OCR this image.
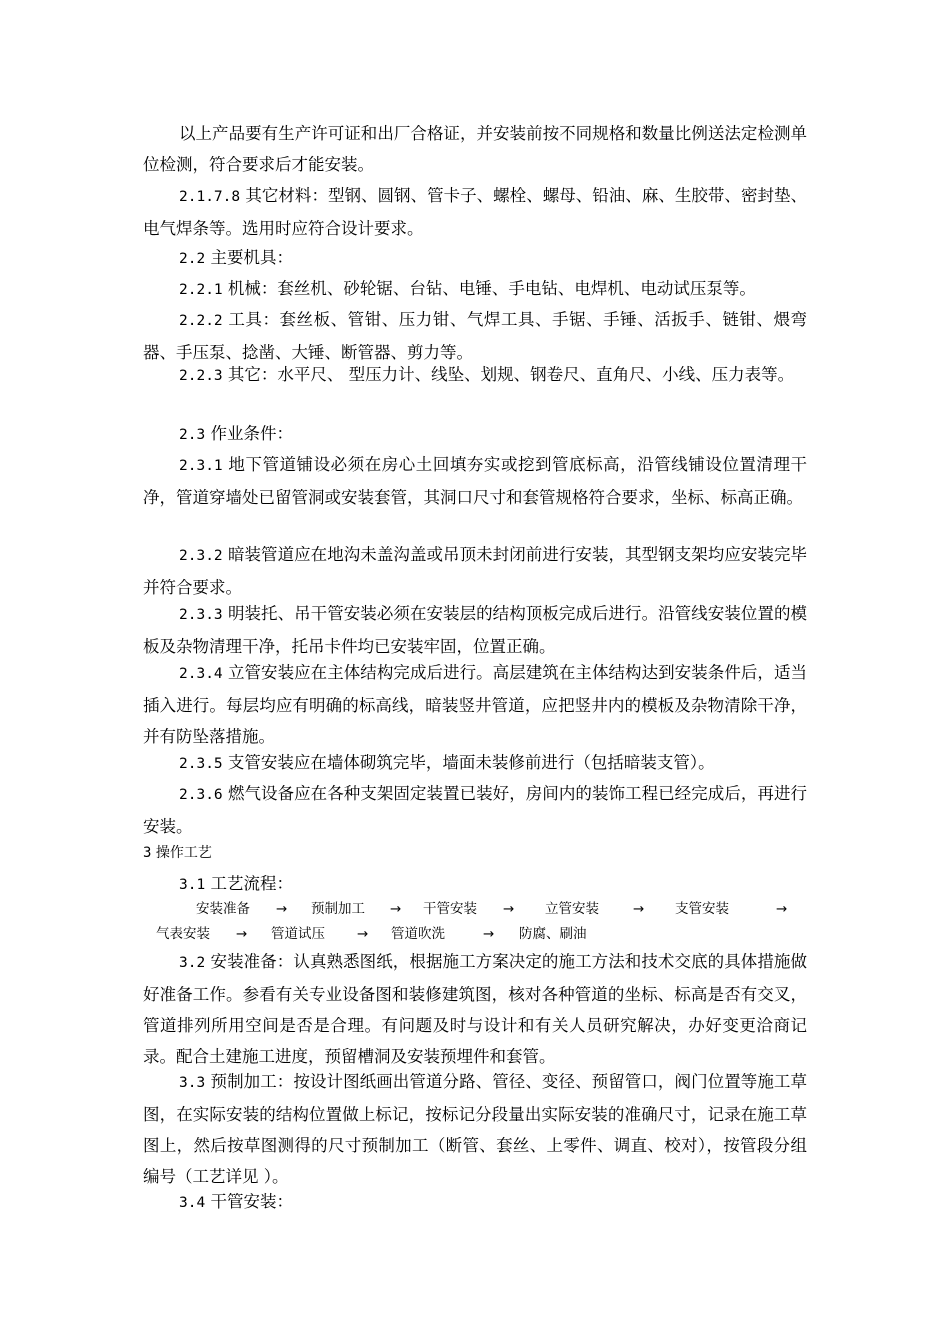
以上产品要有生产许可证和出厂合格证，并安装前按不同规格和数量比例送法定检测单位检测，符合要求后才能安装。

2.1.7.8 其它材料：型钢、圆钢、管卡子、螺栓、螺母、铅油、麻、生胶带、密封垫、电气焊条等。选用时应符合设计要求。

2.2 主要机具：

2.2.1 机械：套丝机、砂轮锯、台钻、电锤、手电钻、电焊机、电动试压泵等。

2.2.2 工具：套丝板、管钳、压力钳、气焊工具、手锯、手锤、活扳手、链钳、煨弯器、手压泵、捻凿、大锤、断管器、剪力等。

2.2.3 其它：水平尺、 型压力计、线坠、划规、钢卷尺、直角尺、小线、压力表等。

2.3 作业条件：

2.3.1 地下管道铺设必须在房心土回填夯实或挖到管底标高，沿管线铺设位置清理干净，管道穿墙处已留管洞或安装套管，其洞口尺寸和套管规格符合要求，坐标、标高正确。

2.3.2 暗装管道应在地沟未盖沟盖或吊顶未封闭前进行安装，其型钢支架均应安装完毕并符合要求。

2.3.3 明装托、吊干管安装必须在安装层的结构顶板完成后进行。沿管线安装位置的模板及杂物清理干净，托吊卡件均已安装牢固，位置正确。

2.3.4 立管安装应在主体结构完成后进行。高层建筑在主体结构达到安装条件后，适当插入进行。每层均应有明确的标高线，暗装竖井管道，应把竖井内的模板及杂物清除干净，并有防坠落措施。

2.3.5 支管安装应在墙体砌筑完毕，墙面未装修前进行（包括暗装支管）。

2.3.6 燃气设备应在各种支架固定装置已装好，房间内的装饰工程已经完成后，再进行安装。

3 操作工艺

3.1 工艺流程：

安装准备 → 预制加工 → 干管安装 → 立管安装	→ 支管安装	→
气表安装 → 管道试压 → 管道吹洗	→ 防腐、刷油

3.2 安装准备：认真熟悉图纸，根据施工方案决定的施工方法和技术交底的具体措施做好准备工作。参看有关专业设备图和装修建筑图，核对各种管道的坐标、标高是否有交叉，管道排列所用空间是否是合理。有问题及时与设计和有关人员研究解决，办好变更洽商记录。配合土建施工进度，预留槽洞及安装预埋件和套管。

3.3 预制加工：按设计图纸画出管道分路、管径、变径、预留管口，阀门位置等施工草图，在实际安装的结构位置做上标记，按标记分段量出实际安装的准确尺寸，记录在施工草图上，然后按草图测得的尺寸预制加工（断管、套丝、上零件、调直、校对），按管段分组编号（工艺详见 ）。

3.4 干管安装：
